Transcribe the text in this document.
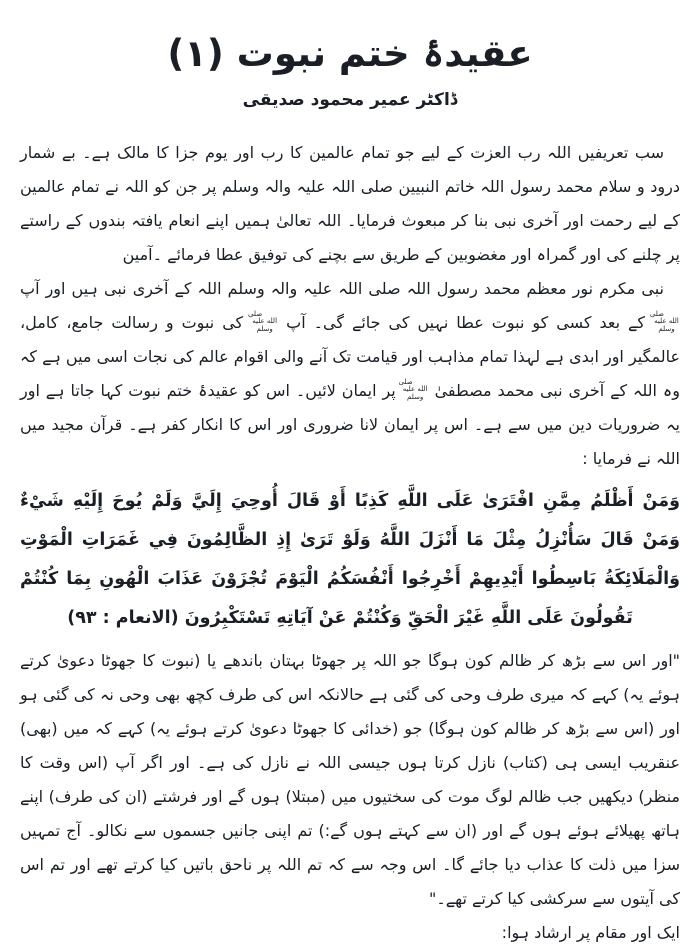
عقیدۂ ختم نبوت (۱)
ڈاکٹر عمیر محمود صدیقی

سب تعریفیں اللہ رب العزت کے لیے جو تمام عالمین کا رب اور یوم جزا کا مالک ہے۔ بے شمار درود و سلام محمد رسول اللہ خاتم النبیین صلی اللہ علیہ والہ وسلم پر جن کو اللہ نے تمام عالمین کے لیے رحمت اور آخری نبی بنا کر مبعوث فرمایا۔ اللہ تعالیٰ ہمیں اپنے انعام یافتہ بندوں کے راستے پر چلنے کی اور گمراہ اور مغضوبین کے طریق سے بچنے کی توفیق عطا فرمائے ۔آمین

نبی مکرم نور معظم محمد رسول اللہ صلی اللہ علیہ والہ وسلم اللہ کے آخری نبی ہیں اور آپ صلى الله عليه وسلم کے بعد کسی کو نبوت عطا نہیں کی جائے گی۔ آپ صلى الله عليه وسلم کی نبوت و رسالت جامع، کامل، عالمگیر اور ابدی ہے لہذا تمام مذاہب اور قیامت تک آنے والی اقوام عالم کی نجات اسی میں ہے کہ وہ اللہ کے آخری نبی محمد مصطفیٰ صلى الله عليه وسلم پر ایمان لائیں۔ اس کو عقیدۂ ختم نبوت کہا جاتا ہے اور یہ ضروریات دین میں سے ہے۔ اس پر ایمان لانا ضروری اور اس کا انکار کفر ہے۔ قرآن مجید میں اللہ نے فرمایا :

وَمَنْ أَظْلَمُ مِمَّنِ افْتَرَىٰ عَلَى اللَّهِ كَذِبًا أَوْ قَالَ أُوحِيَ إِلَيَّ وَلَمْ يُوحَ إِلَيْهِ شَيْءٌ وَمَنْ قَالَ سَأُنْزِلُ مِثْلَ مَا أَنْزَلَ اللَّهُ وَلَوْ تَرَىٰ إِذِ الظَّالِمُونَ فِي غَمَرَاتِ الْمَوْتِ وَالْمَلَائِكَةُ بَاسِطُوا أَيْدِيهِمْ أَخْرِجُوا أَنْفُسَكُمُ الْيَوْمَ تُجْزَوْنَ عَذَابَ الْهُونِ بِمَا كُنْتُمْ تَقُولُونَ عَلَى اللَّهِ غَيْرَ الْحَقِّ وَكُنْتُمْ عَنْ آيَاتِهِ تَسْتَكْبِرُونَ (الانعام : ۹۳)

"اور اس سے بڑھ کر ظالم کون ہوگا جو اللہ پر جھوٹا بہتان باندھے یا (نبوت کا جھوٹا دعویٰ کرتے ہوئے یہ) کہے کہ میری طرف وحی کی گئی ہے حالانکہ اس کی طرف کچھ بھی وحی نہ کی گئی ہو اور (اس سے بڑھ کر ظالم کون ہوگا) جو (خدائی کا جھوٹا دعویٰ کرتے ہوئے یہ) کہے کہ میں (بھی) عنقریب ایسی ہی (کتاب) نازل کرتا ہوں جیسی اللہ نے نازل کی ہے۔ اور اگر آپ (اس وقت کا منظر) دیکھیں جب ظالم لوگ موت کی سختیوں میں (مبتلا) ہوں گے اور فرشتے (ان کی طرف) اپنے ہاتھ پھیلائے ہوئے ہوں گے اور (ان سے کہتے ہوں گے:) تم اپنی جانیں جسموں سے نکالو۔ آج تمہیں سزا میں ذلت کا عذاب دیا جائے گا۔ اس وجہ سے کہ تم اللہ پر ناحق باتیں کیا کرتے تھے اور تم اس کی آیتوں سے سرکشی کیا کرتے تھے۔"

ایک اور مقام پر ارشاد ہوا:
